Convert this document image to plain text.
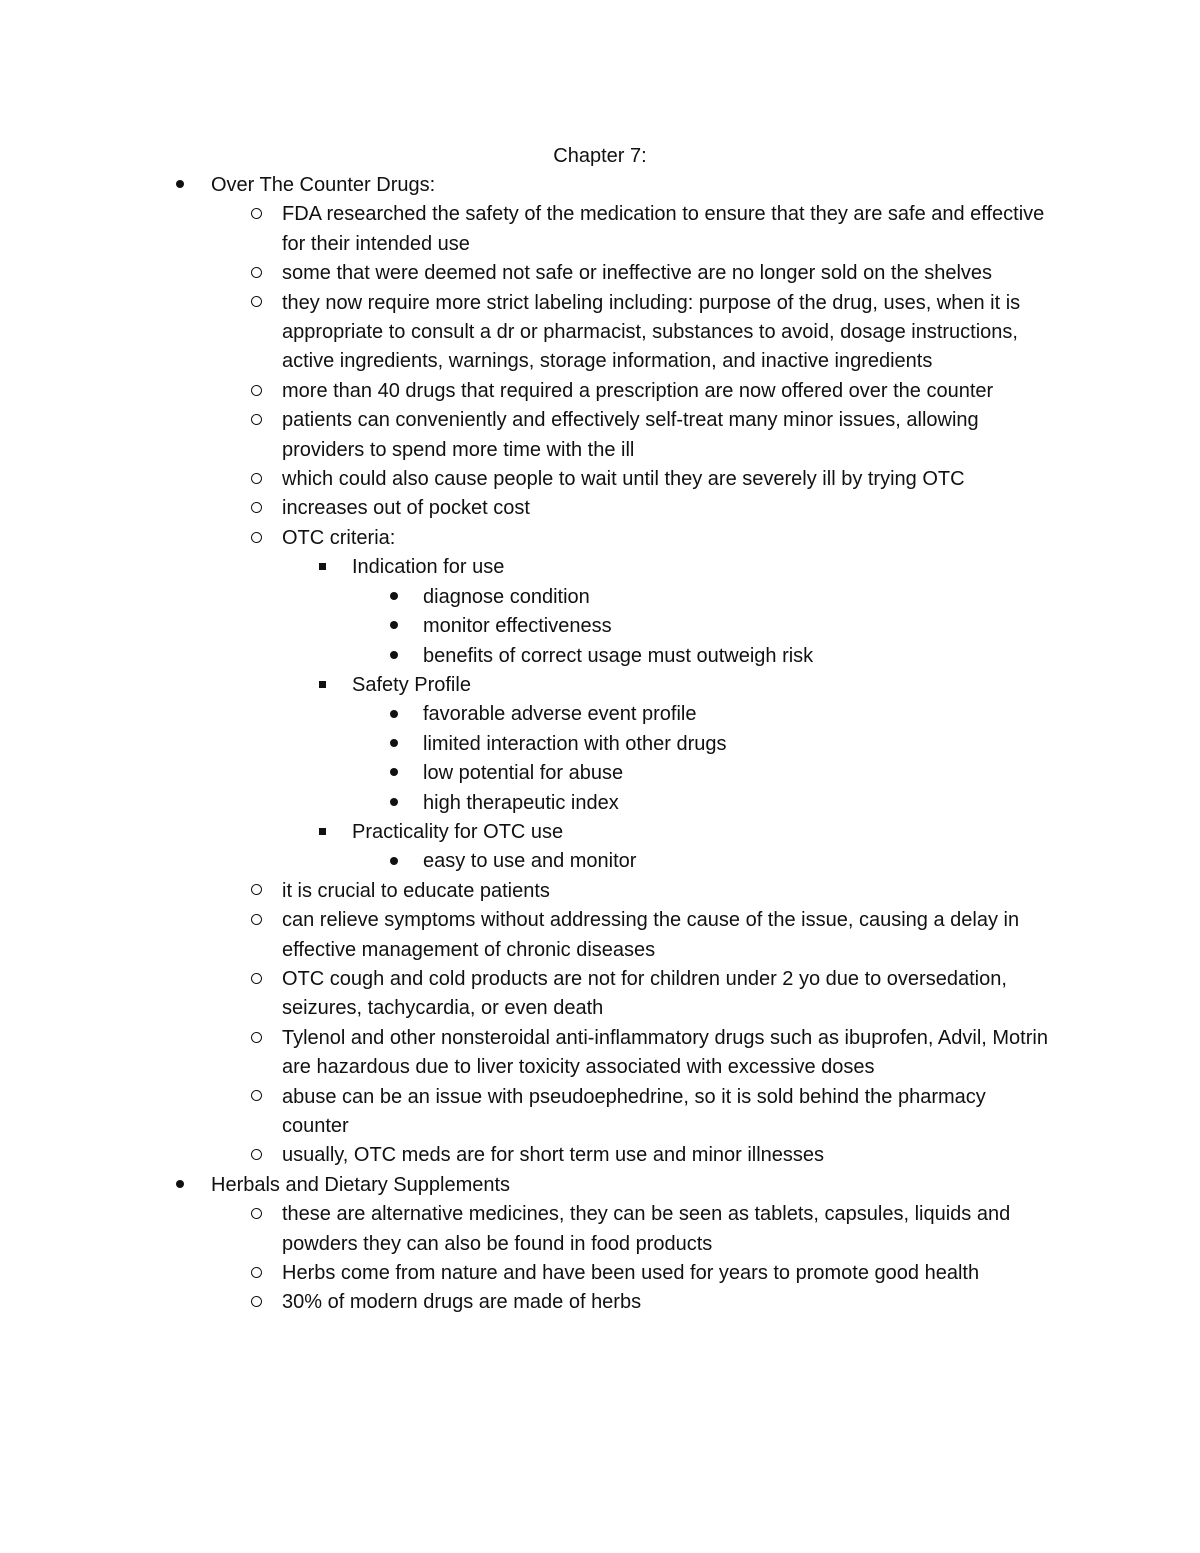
Chapter 7:
Over The Counter Drugs:
FDA researched the safety of the medication to ensure that they are safe and effective for their intended use
some that were deemed not safe or ineffective are no longer sold on the shelves
they now require more strict labeling including: purpose of the drug, uses, when it is appropriate to consult a dr or pharmacist, substances to avoid, dosage instructions, active ingredients, warnings, storage information, and inactive ingredients
more than 40 drugs that required a prescription are now offered over the counter
patients can conveniently and effectively self-treat many minor issues, allowing providers to spend more time with the ill
which could also cause people to wait until they are severely ill by trying OTC
increases out of pocket cost
OTC criteria:
Indication for use
diagnose condition
monitor effectiveness
benefits of correct usage must outweigh risk
Safety Profile
favorable adverse event profile
limited interaction with other drugs
low potential for abuse
high therapeutic index
Practicality for OTC use
easy to use and monitor
it is crucial to educate patients
can relieve symptoms without addressing the cause of the issue, causing a delay in effective management of chronic diseases
OTC cough and cold products are not for children under 2 yo due to oversedation, seizures, tachycardia, or even death
Tylenol and other nonsteroidal anti-inflammatory drugs such as ibuprofen, Advil, Motrin are hazardous due to liver toxicity associated with excessive doses
abuse can be an issue with pseudoephedrine, so it is sold behind the pharmacy counter
usually, OTC meds are for short term use and minor illnesses
Herbals and Dietary Supplements
these are alternative medicines, they can be seen as tablets, capsules, liquids and powders they can also be found in food products
Herbs come from nature and have been used for years to promote good health
30% of modern drugs are made of herbs
